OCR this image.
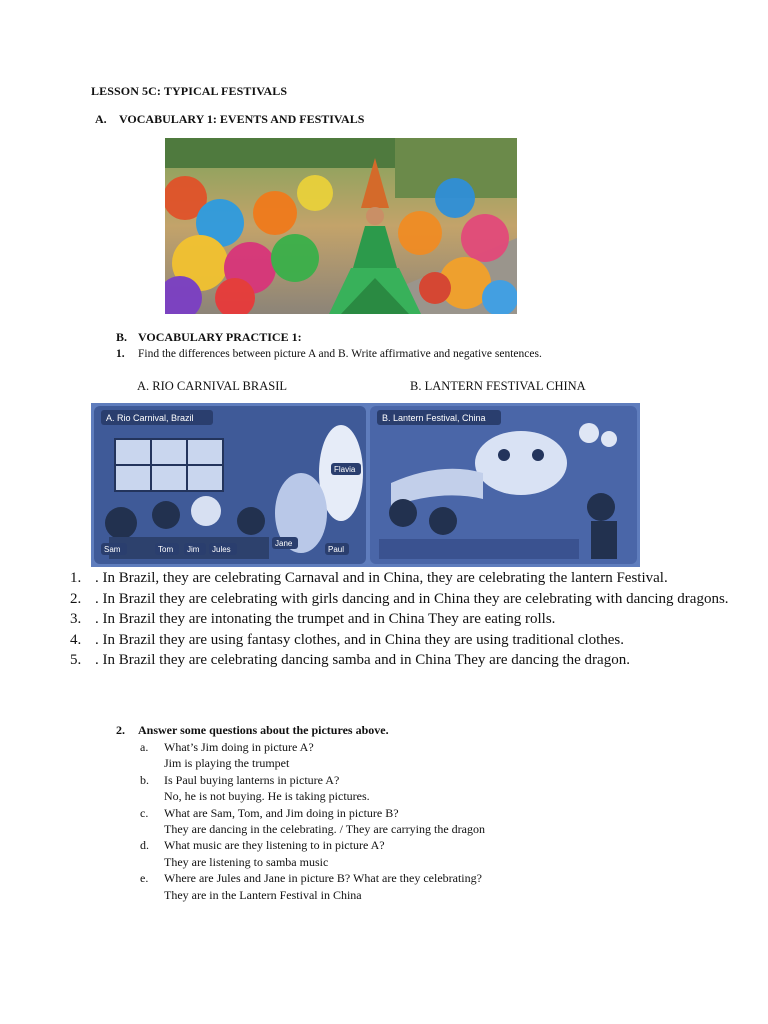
LESSON 5C: TYPICAL FESTIVALS
A. VOCABULARY 1: EVENTS AND FESTIVALS
B. VOCABULARY PRACTICE 1:
1. Find the differences between picture A and B. Write affirmative and negative sentences.
A. RIO CARNIVAL BRASIL	B. LANTERN FESTIVAL CHINA
A. Rio Carnival, Brazil
Sam	Tom Jim Jules
Jane
Paul
Flavia
B. Lantern Festival, China
1. . In Brazil, they are celebrating Carnaval and in China, they are celebrating the lantern Festival.
2. . In Brazil they are celebrating with girls dancing and in China they are celebrating with dancing dragons.
3. . In Brazil they are intonating the trumpet and in China They are eating rolls.
4. . In Brazil they are using fantasy clothes, and in China they are using traditional clothes.
5. . In Brazil they are celebrating dancing samba and in China They are dancing the dragon.
2. Answer some questions about the pictures above.
a. What’s Jim doing in picture A?
Jim is playing the trumpet
b. Is Paul buying lanterns in picture A?
No, he is not buying. He is taking pictures.
c. What are Sam, Tom, and Jim doing in picture B?
They are dancing in the celebrating. / They are carrying the dragon
d. What music are they listening to in picture A?
They are listening to samba music
e. Where are Jules and Jane in picture B? What are they celebrating?
They are in the Lantern Festival in China
